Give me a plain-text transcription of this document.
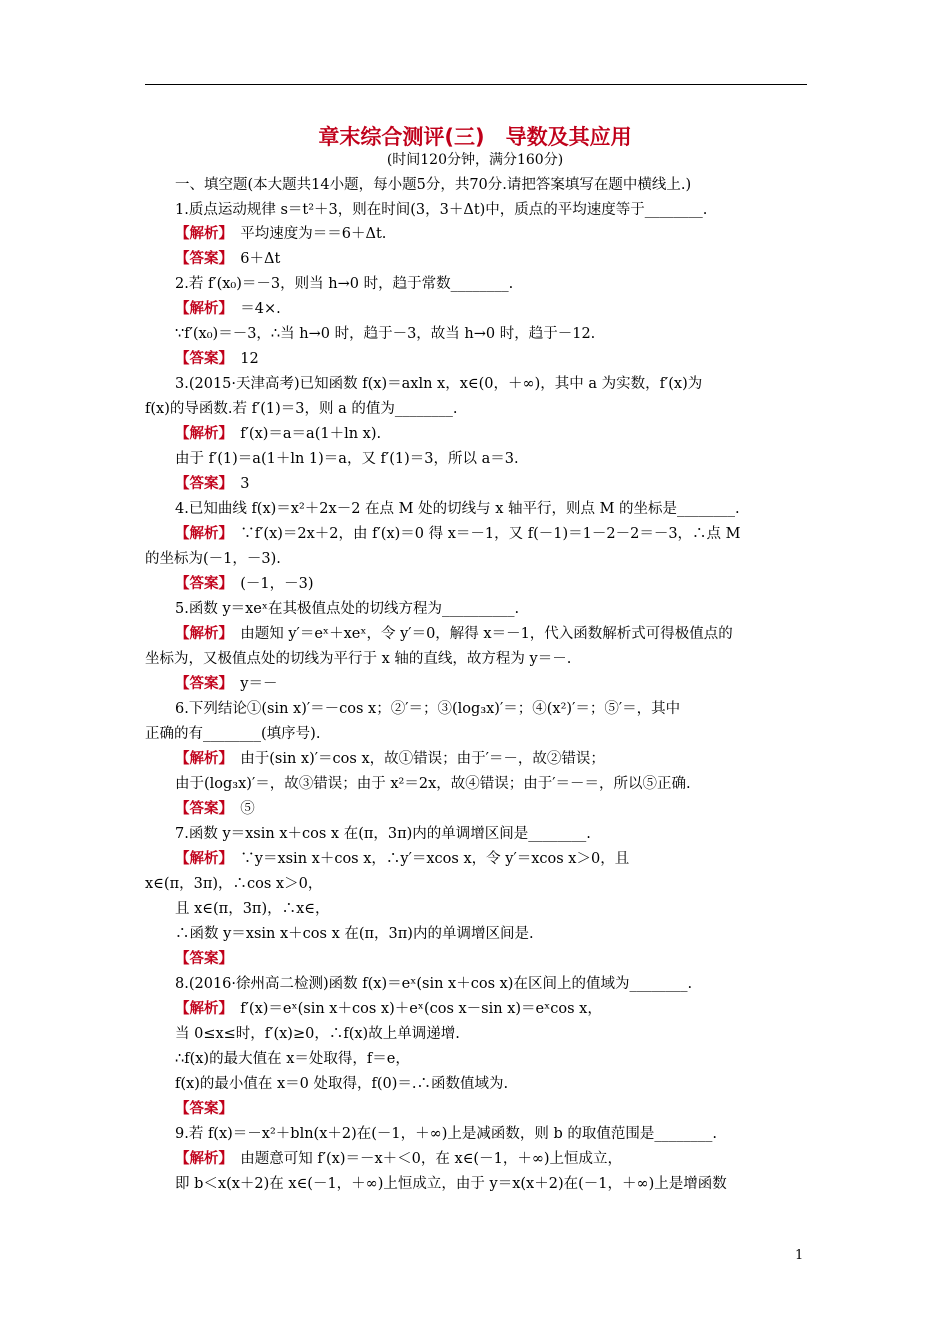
章末综合测评(三)　导数及其应用
(时间120分钟，满分160分)
一、填空题(本大题共14小题，每小题5分，共70分.请把答案填写在题中横线上.)
1.质点运动规律 s＝t²＋3，则在时间(3，3＋Δt)中，质点的平均速度等于________.
【解析】　平均速度为＝＝6＋Δt.
【答案】　6＋Δt
2.若 f′(x₀)＝－3，则当 h→0 时，趋于常数________.
【解析】　＝4×.
∵f′(x₀)＝－3，∴当 h→0 时，趋于－3，故当 h→0 时，趋于－12.
【答案】　12
3.(2015·天津高考)已知函数 f(x)＝axln x，x∈(0，＋∞)，其中 a 为实数，f′(x)为
f(x)的导函数.若 f′(1)＝3，则 a 的值为________.
【解析】　f′(x)＝a＝a(1＋ln x).
由于 f′(1)＝a(1＋ln 1)＝a，又 f′(1)＝3，所以 a＝3.
【答案】　3
4.已知曲线 f(x)＝x²＋2x－2 在点 M 处的切线与 x 轴平行，则点 M 的坐标是________.
【解析】　∵f′(x)＝2x＋2，由 f′(x)＝0 得 x＝－1，又 f(－1)＝1－2－2＝－3，∴点 M
的坐标为(－1，－3).
【答案】　(－1，－3)
5.函数 y＝xeˣ在其极值点处的切线方程为__________.
【解析】　由题知 y′＝eˣ＋xeˣ，令 y′＝0，解得 x＝－1，代入函数解析式可得极值点的
坐标为，又极值点处的切线为平行于 x 轴的直线，故方程为 y＝－.
【答案】　y＝－
6.下列结论①(sin x)′＝－cos x；②′＝；③(log₃x)′＝；④(x²)′＝；⑤′＝，其中
正确的有________(填序号).
【解析】　由于(sin x)′＝cos x，故①错误；由于′＝－，故②错误；
由于(log₃x)′＝，故③错误；由于 x²＝2x，故④错误；由于′＝－＝，所以⑤正确.
【答案】　⑤
7.函数 y＝xsin x＋cos x 在(π，3π)内的单调增区间是________.
【解析】　∵y＝xsin x＋cos x，∴y′＝xcos x，令 y′＝xcos x＞0，且
x∈(π，3π)，∴cos x＞0，
且 x∈(π，3π)，∴x∈，
∴函数 y＝xsin x＋cos x 在(π，3π)内的单调增区间是.
【答案】
8.(2016·徐州高二检测)函数 f(x)＝eˣ(sin x＋cos x)在区间上的值域为________.
【解析】　f′(x)＝eˣ(sin x＋cos x)＋eˣ(cos x－sin x)＝eˣcos x，
当 0≤x≤时，f′(x)≥0，∴f(x)故上单调递增.
∴f(x)的最大值在 x＝处取得，f＝e，
f(x)的最小值在 x＝0 处取得，f(0)＝.∴函数值域为.
【答案】
9.若 f(x)＝－x²＋bln(x＋2)在(－1，＋∞)上是减函数，则 b 的取值范围是________.
【解析】　由题意可知 f′(x)＝－x＋＜0，在 x∈(－1，＋∞)上恒成立，
即 b＜x(x＋2)在 x∈(－1，＋∞)上恒成立，由于 y＝x(x＋2)在(－1，＋∞)上是增函数
1
